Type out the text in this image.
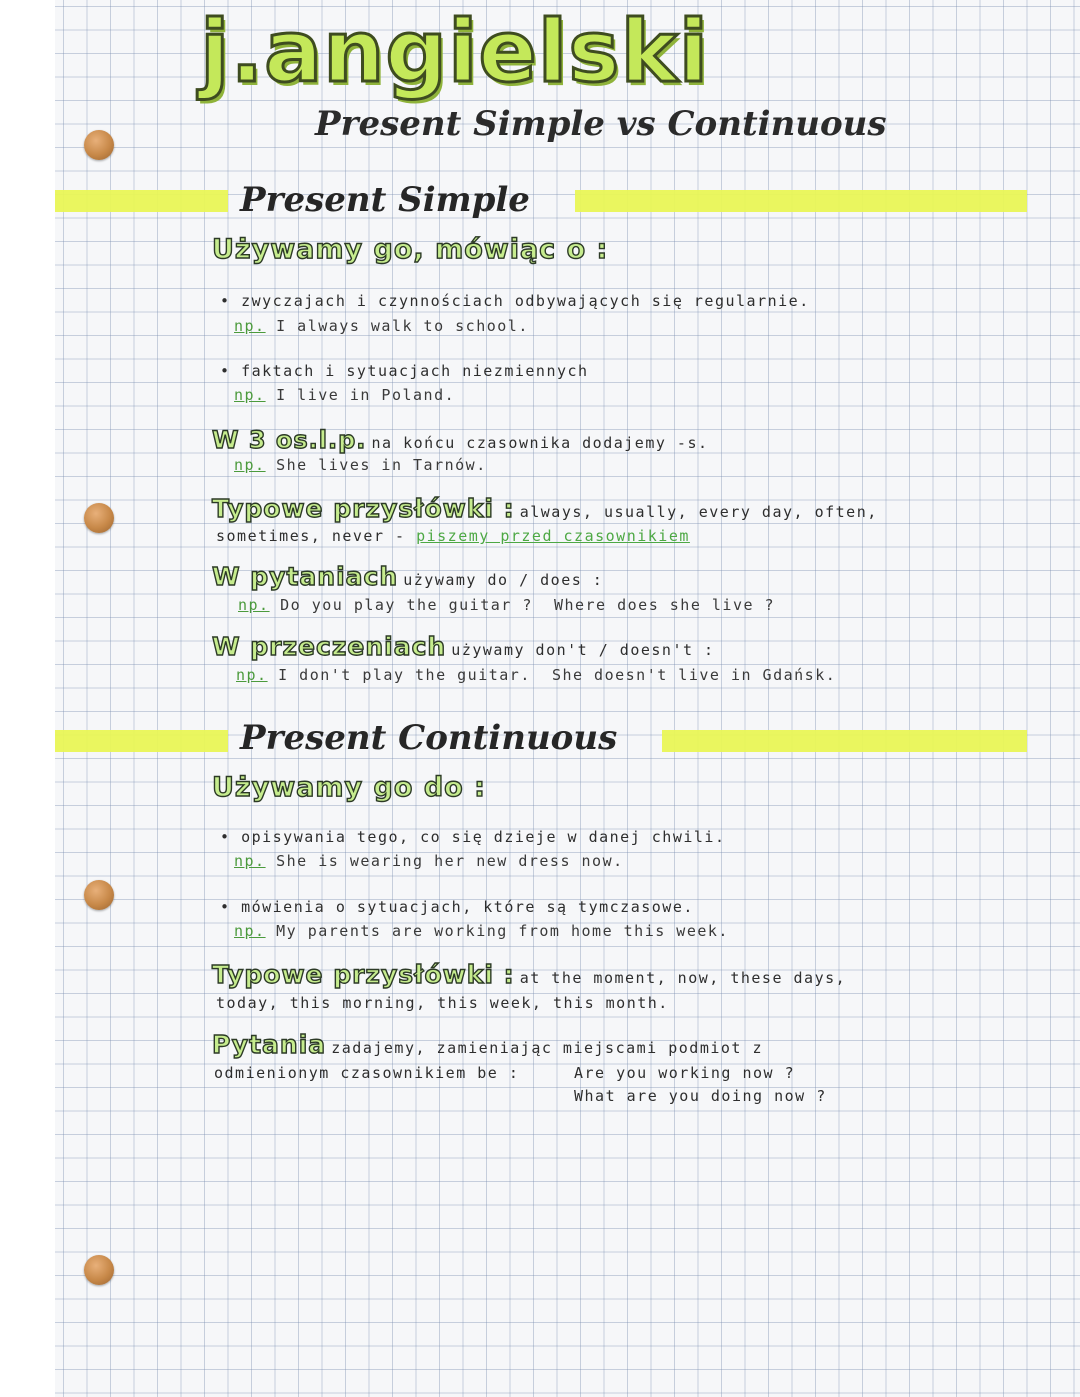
j.angielski
Present Simple vs Continuous
Present Simple
Używamy go, mówiąc o :
• zwyczajach i czynnościach odbywających się regularnie.
np. I always walk to school.
• faktach i sytuacjach niezmiennych
np. I live in Poland.
W 3 os.l.p. na końcu czasownika dodajemy -s.
np. She lives in Tarnów.
Typowe przysłówki : always, usually, every day, often,
sometimes, never - piszemy przed czasownikiem
W pytaniach używamy do / does :
np. Do you play the guitar ? Where does she live ?
W przeczeniach używamy don't / doesn't :
np. I don't play the guitar. She doesn't live in Gdańsk.
Present Continuous
Używamy go do :
• opisywania tego, co się dzieje w danej chwili.
np. She is wearing her new dress now.
• mówienia o sytuacjach, które są tymczasowe.
np. My parents are working from home this week.
Typowe przysłówki : at the moment, now, these days,
today, this morning, this week, this month.
Pytania zadajemy, zamieniając miejscami podmiot z
odmienionym czasownikiem be :	Are you working now ?
What are you doing now ?
